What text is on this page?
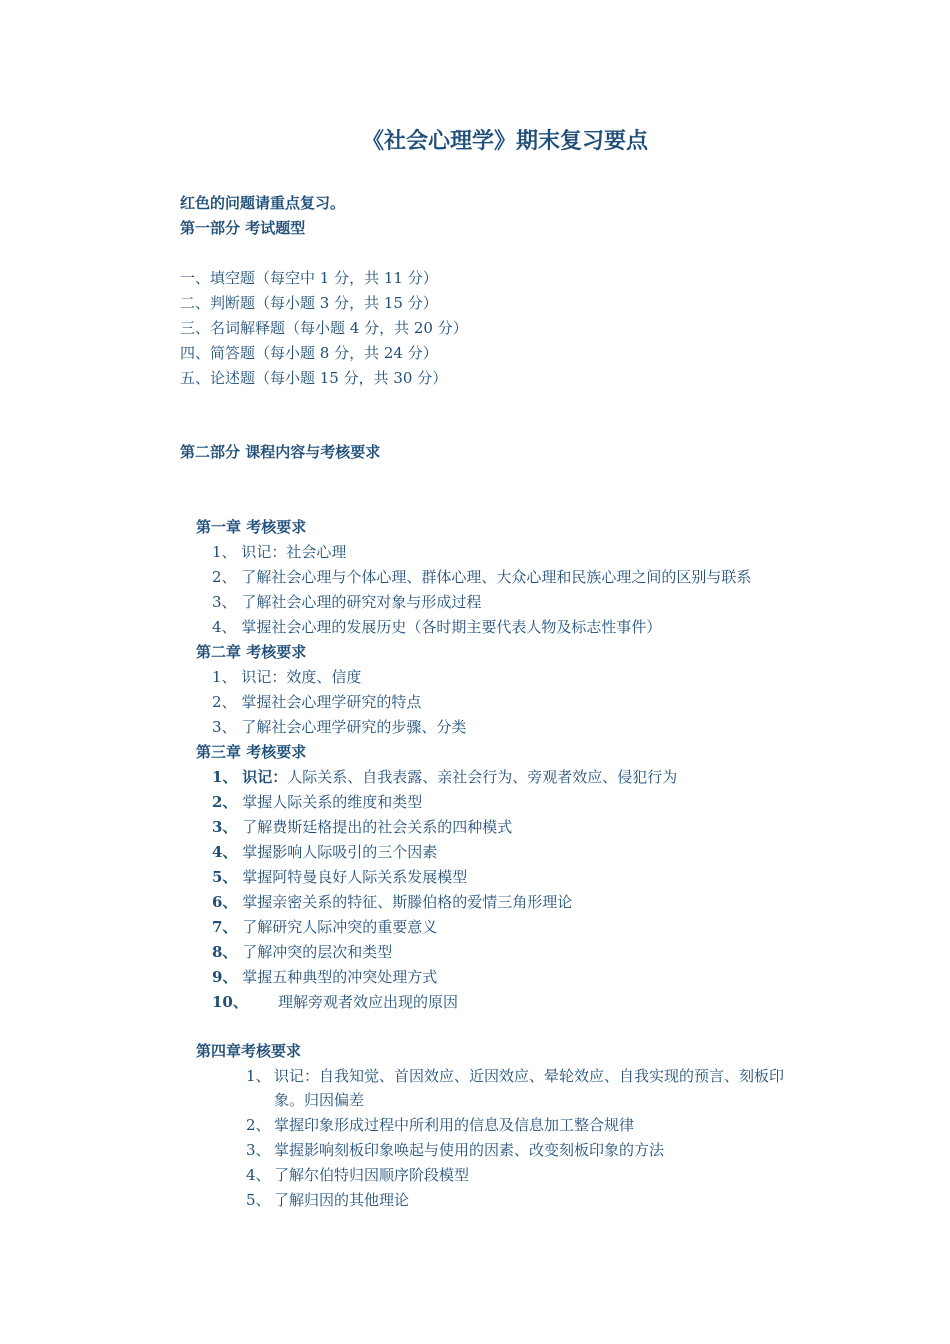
《社会心理学》期末复习要点
红色的问题请重点复习。
第一部分 考试题型
一、填空题（每空中 1 分，共 11 分）
二、判断题（每小题 3 分，共 15 分）
三、名词解释题（每小题 4 分，共 20 分）
四、简答题（每小题 8 分，共 24 分）
五、论述题（每小题 15 分，共 30 分）
第二部分 课程内容与考核要求
第一章 考核要求
1、 识记：社会心理
2、 了解社会心理与个体心理、群体心理、大众心理和民族心理之间的区别与联系
3、 了解社会心理的研究对象与形成过程
4、 掌握社会心理的发展历史（各时期主要代表人物及标志性事件）
第二章 考核要求
1、 识记：效度、信度
2、 掌握社会心理学研究的特点
3、 了解社会心理学研究的步骤、分类
第三章 考核要求
1、 识记：人际关系、自我表露、亲社会行为、旁观者效应、侵犯行为
2、 掌握人际关系的维度和类型
3、 了解费斯廷格提出的社会关系的四种模式
4、 掌握影响人际吸引的三个因素
5、 掌握阿特曼良好人际关系发展模型
6、 掌握亲密关系的特征、斯滕伯格的爱情三角形理论
7、 了解研究人际冲突的重要意义
8、 了解冲突的层次和类型
9、 掌握五种典型的冲突处理方式
10、 理解旁观者效应出现的原因
第四章考核要求
1、 识记：自我知觉、首因效应、近因效应、晕轮效应、自我实现的预言、刻板印
象。归因偏差
2、 掌握印象形成过程中所利用的信息及信息加工整合规律
3、 掌握影响刻板印象唤起与使用的因素、改变刻板印象的方法
4、 了解尔伯特归因顺序阶段模型
5、 了解归因的其他理论
